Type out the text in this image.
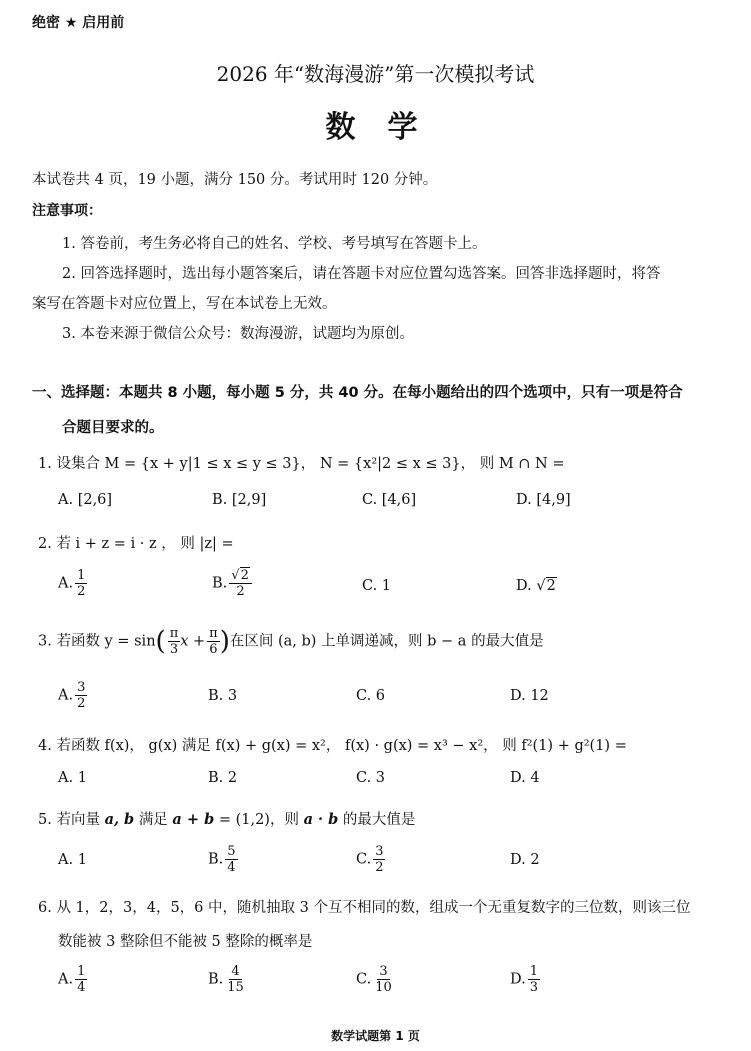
绝密 ★ 启用前
2026 年“数海漫游”第一次模拟考试
数学
本试卷共 4 页，19 小题，满分 150 分。考试用时 120 分钟。
注意事项：
1. 答卷前，考生务必将自己的姓名、学校、考号填写在答题卡上。
2. 回答选择题时，选出每小题答案后，请在答题卡对应位置勾选答案。回答非选择题时，将答
案写在答题卡对应位置上，写在本试卷上无效。
3. 本卷来源于微信公众号：数海漫游，试题均为原创。
一、选择题：本题共 8 小题，每小题 5 分，共 40 分。在每小题给出的四个选项中，只有一项是符合
合题目要求的。
1. 设集合 M = {x + y|1 ≤ x ≤ y ≤ 3}， N = {x²|2 ≤ x ≤ 3}， 则 M ∩ N =
A. [2,6]	B. [2,9]	C. [4,6]	D. [4,9]
2. 若 i + z = i · z ， 则 |z| =
A. $\frac{1}{2}$	B. $\frac{√2}{2}$	C. 1	D. √2
3. 若函数 $y = \sin( \frac{\pi}{3}$ $x + \frac{\pi}{6}$ )在区间 (a, b) 上单调递减，则 b − a 的最大值是
A. $\frac{3}{2}$	B. 3	C. 6	D. 12
4. 若函数 f(x)， g(x) 满足 f(x) + g(x) = x²， f(x) · g(x) = x³ − x²， 则 f²(1) + g²(1) =
A. 1	B. 2	C. 3	D. 4
5. 若向量 a, b 满足 a + b = (1,2)，则 a · b 的最大值是
A. 1	B. $\frac{5}{4}$	C. $\frac{3}{2}$	D. 2
6. 从 1，2，3，4，5，6 中，随机抽取 3 个互不相同的数，组成一个无重复数字的三位数，则该三位
数能被 3 整除但不能被 5 整除的概率是
A. $\frac{1}{4}$	B. $\frac{4}{15}$	C. $\frac{3}{10}$	D. $\frac{1}{3}$
数学试题第 1 页
